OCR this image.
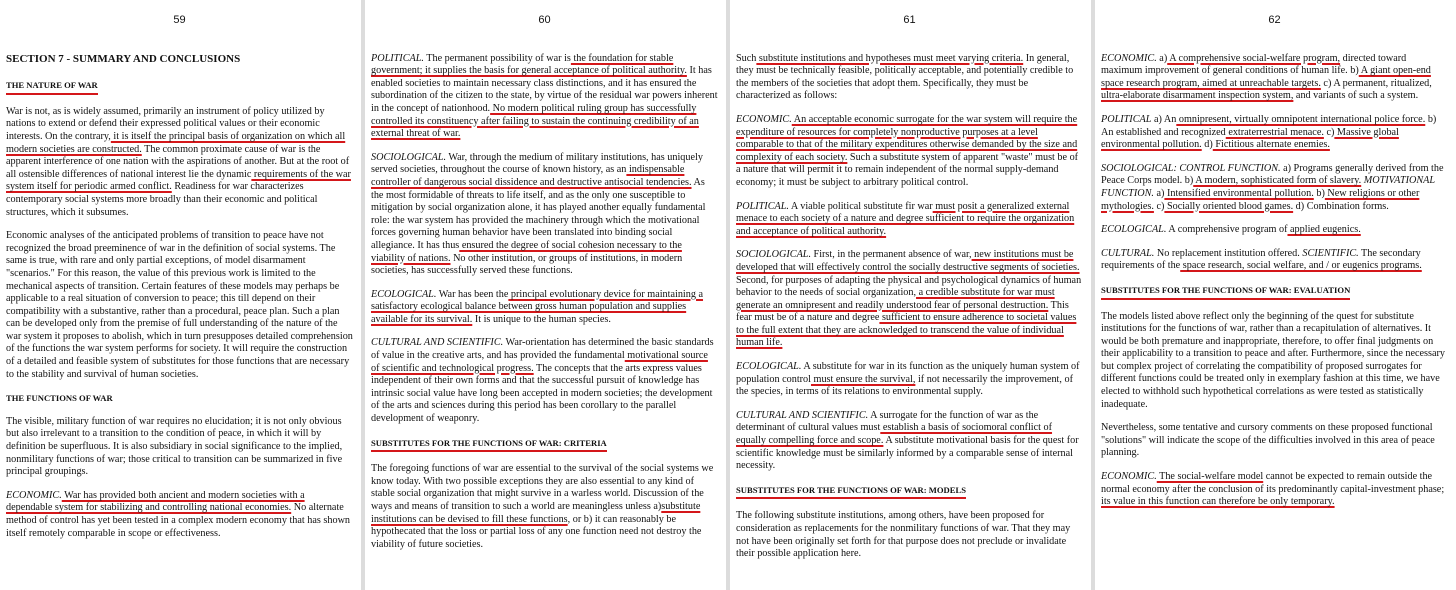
59

SECTION 7 - SUMMARY AND CONCLUSIONS

THE NATURE OF WAR

War is not, as is widely assumed, primarily an instrument of policy utilized by nations to extend or defend their expressed political values or their economic interests. On the contrary, it is itself the principal basis of organization on which all modern societies are constructed. The common proximate cause of war is the apparent interference of one nation with the aspirations of another. But at the root of all ostensible differences of national interest lie the dynamic requirements of the war system itself for periodic armed conflict. Readiness for war characterizes contemporary social systems more broadly than their economic and political structures, which it subsumes.

Economic analyses of the anticipated problems of transition to peace have not recognized the broad preeminence of war in the definition of social systems. The same is true, with rare and only partial exceptions, of model disarmament "scenarios." For this reason, the value of this previous work is limited to the mechanical aspects of transition. Certain features of these models may perhaps be applicable to a real situation of conversion to peace; this till depend on their compatibility with a substantive, rather than a procedural, peace plan. Such a plan can be developed only from the premise of full understanding of the nature of the war system it proposes to abolish, which in turn presupposes detailed comprehension of the functions the war system performs for society. It will require the construction of a detailed and feasible system of substitutes for those functions that are necessary to the stability and survival of human societies.

THE FUNCTIONS OF WAR

The visible, military function of war requires no elucidation; it is not only obvious but also irrelevant to a transition to the condition of peace, in which it will by definition be superfluous. It is also subsidiary in social significance to the implied, nonmilitary functions of war; those critical to transition can be summarized in five principal groupings.

ECONOMIC. War has provided both ancient and modern societies with a dependable system for stabilizing and controlling national economies. No alternate method of control has yet been tested in a complex modern economy that has shown itself remotely comparable in scope or effectiveness.

60

POLITICAL. The permanent possibility of war is the foundation for stable government; it supplies the basis for general acceptance of political authority. It has enabled societies to maintain necessary class distinctions, and it has ensured the subordination of the citizen to the state, by virtue of the residual war powers inherent in the concept of nationhood. No modern political ruling group has successfully controlled its constituency after failing to sustain the continuing credibility of an external threat of war.

SOCIOLOGICAL. War, through the medium of military institutions, has uniquely served societies, throughout the course of known history, as an indispensable controller of dangerous social dissidence and destructive antisocial tendencies. As the most formidable of threats to life itself, and as the only one susceptible to mitigation by social organization alone, it has played another equally fundamental role: the war system has provided the machinery through which the motivational forces governing human behavior have been translated into binding social allegiance. It has thus ensured the degree of social cohesion necessary to the viability of nations. No other institution, or groups of institutions, in modern societies, has successfully served these functions.

ECOLOGICAL. War has been the principal evolutionary device for maintaining a satisfactory ecological balance between gross human population and supplies available for its survival. It is unique to the human species.

CULTURAL AND SCIENTIFIC. War-orientation has determined the basic standards of value in the creative arts, and has provided the fundamental motivational source of scientific and technological progress. The concepts that the arts express values independent of their own forms and that the successful pursuit of knowledge has intrinsic social value have long been accepted in modern societies; the development of the arts and sciences during this period has been corollary to the parallel development of weaponry.

SUBSTITUTES FOR THE FUNCTIONS OF WAR: CRITERIA

The foregoing functions of war are essential to the survival of the social systems we know today. With two possible exceptions they are also essential to any kind of stable social organization that might survive in a warless world. Discussion of the ways and means of transition to such a world are meaningless unless a)substitute institutions can be devised to fill these functions, or b) it can reasonably be hypothecated that the loss or partial loss of any one function need not destroy the viability of future societies.

61

Such substitute institutions and hypotheses must meet varying criteria. In general, they must be technically feasible, politically acceptable, and potentially credible to the members of the societies that adopt them. Specifically, they must be characterized as follows:

ECONOMIC. An acceptable economic surrogate for the war system will require the expenditure of resources for completely nonproductive purposes at a level comparable to that of the military expenditures otherwise demanded by the size and complexity of each society. Such a substitute system of apparent "waste" must be of a nature that will permit it to remain independent of the normal supply-demand economy; it must be subject to arbitrary political control.

POLITICAL. A viable political substitute fir war must posit a generalized external menace to each society of a nature and degree sufficient to require the organization and acceptance of political authority.

SOCIOLOGICAL. First, in the permanent absence of war, new institutions must be developed that will effectively control the socially destructive segments of societies. Second, for purposes of adapting the physical and psychological dynamics of human behavior to the needs of social organization, a credible substitute for war must generate an omnipresent and readily understood fear of personal destruction. This fear must be of a nature and degree sufficient to ensure adherence to societal values to the full extent that they are acknowledged to transcend the value of individual human life.

ECOLOGICAL. A substitute for war in its function as the uniquely human system of population control must ensure the survival, if not necessarily the improvement, of the species, in terms of its relations to environmental supply.

CULTURAL AND SCIENTIFIC. A surrogate for the function of war as the determinant of cultural values must establish a basis of sociomoral conflict of equally compelling force and scope. A substitute motivational basis for the quest for scientific knowledge must be similarly informed by a comparable sense of internal necessity.

SUBSTITUTES FOR THE FUNCTIONS OF WAR: MODELS

The following substitute institutions, among others, have been proposed for consideration as replacements for the nonmilitary functions of war. That they may not have been originally set forth for that purpose does not preclude or invalidate their possible application here.

62

ECONOMIC. a) A comprehensive social-welfare program, directed toward maximum improvement of general conditions of human life. b) A giant open-end space research program, aimed at unreachable targets. c) A permanent, ritualized, ultra-elaborate disarmament inspection system, and variants of such a system.

POLITICAL a) An omnipresent, virtually omnipotent international police force. b) An established and recognized extraterrestrial menace. c) Massive global environmental pollution. d) Fictitious alternate enemies.

SOCIOLOGICAL: CONTROL FUNCTION. a) Programs generally derived from the Peace Corps model. b) A modern, sophisticated form of slavery. MOTIVATIONAL FUNCTION. a) Intensified environmental pollution. b) New religions or other mythologies. c) Socially oriented blood games. d) Combination forms.

ECOLOGICAL. A comprehensive program of applied eugenics.

CULTURAL. No replacement institution offered. SCIENTIFIC. The secondary requirements of the space research, social welfare, and / or eugenics programs.

SUBSTITUTES FOR THE FUNCTIONS OF WAR: EVALUATION

The models listed above reflect only the beginning of the quest for substitute institutions for the functions of war, rather than a recapitulation of alternatives. It would be both premature and inappropriate, therefore, to offer final judgments on their applicability to a transition to peace and after. Furthermore, since the necessary but complex project of correlating the compatibility of proposed surrogates for different functions could be treated only in exemplary fashion at this time, we have elected to withhold such hypothetical correlations as were tested as statistically inadequate.

Nevertheless, some tentative and cursory comments on these proposed functional "solutions" will indicate the scope of the difficulties involved in this area of peace planning.

ECONOMIC. The social-welfare model cannot be expected to remain outside the normal economy after the conclusion of its predominantly capital-investment phase; its value in this function can therefore be only temporary.
